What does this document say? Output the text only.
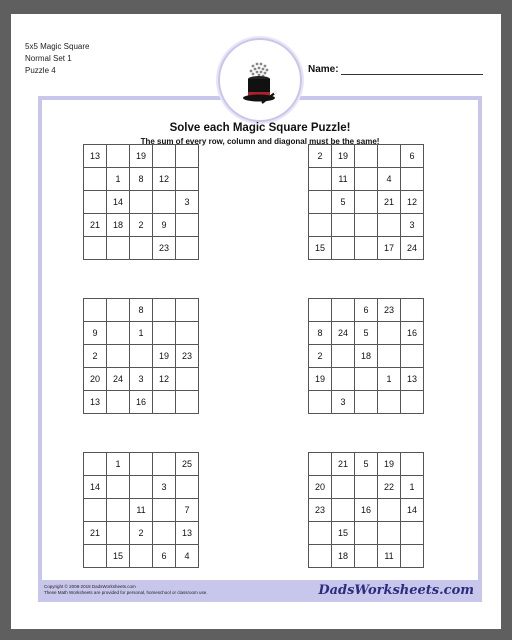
5x5 Magic Square
Normal Set 1
Puzzle 4	Name:
Solve each Magic Square Puzzle!
The sum of every row, column and diagonal must be the same!
13		19		
	1	8	12	
	14			3
21	18	2	9	
			23	
2	19			6
	11		4	
	5		21	12
				3
15			17	24
		8		
9		1		
2			19	23
20	24	3	12	
13		16		
		6	23	
8	24	5		16
2		18		
19			1	13
	3			
	1			25
14			3	
		11		7
21		2		13
	15		6	4
	21	5	19	
20			22	1
23		16		14
	15			
	18		11	
Copyright © 2008-2018 DadsWorksheets.com
These Math Worksheets are provided for personal, homeschool or classroom use.	DadsWorksheets.com
